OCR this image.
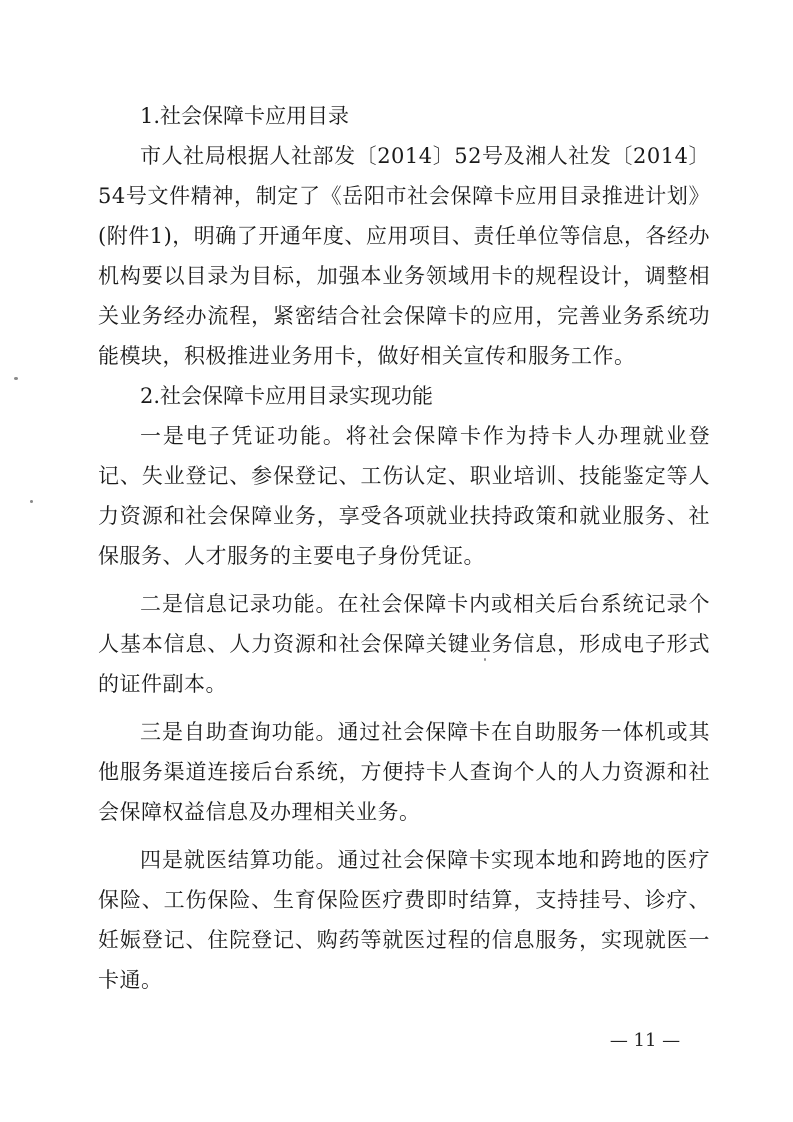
1.社会保障卡应用目录

市人社局根据人社部发〔2014〕52号及湘人社发〔2014〕54号文件精神，制定了《岳阳市社会保障卡应用目录推进计划》(附件1)，明确了开通年度、应用项目、责任单位等信息，各经办机构要以目录为目标，加强本业务领域用卡的规程设计，调整相关业务经办流程，紧密结合社会保障卡的应用，完善业务系统功能模块，积极推进业务用卡，做好相关宣传和服务工作。

2.社会保障卡应用目录实现功能

一是电子凭证功能。将社会保障卡作为持卡人办理就业登记、失业登记、参保登记、工伤认定、职业培训、技能鉴定等人力资源和社会保障业务，享受各项就业扶持政策和就业服务、社保服务、人才服务的主要电子身份凭证。

二是信息记录功能。在社会保障卡内或相关后台系统记录个人基本信息、人力资源和社会保障关键业务信息，形成电子形式的证件副本。

三是自助查询功能。通过社会保障卡在自助服务一体机或其他服务渠道连接后台系统，方便持卡人查询个人的人力资源和社会保障权益信息及办理相关业务。

四是就医结算功能。通过社会保障卡实现本地和跨地的医疗保险、工伤保险、生育保险医疗费即时结算，支持挂号、诊疗、妊娠登记、住院登记、购药等就医过程的信息服务，实现就医一卡通。

— 11 —
